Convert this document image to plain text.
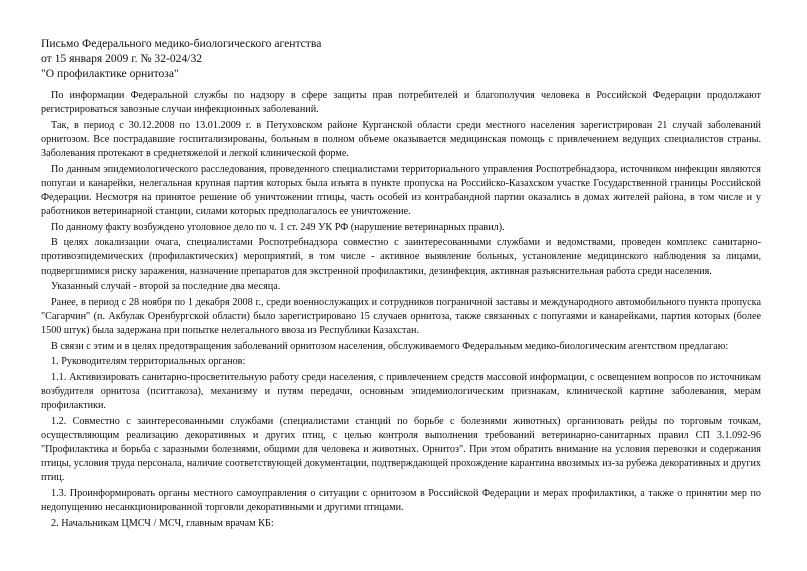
Письмо Федерального медико-биологического агентства
от 15 января 2009 г. № 32-024/32
"О профилактике орнитоза"

По информации Федеральной службы по надзору в сфере защиты прав потребителей и благополучия человека в Российской Федерации продолжают регистрироваться завозные случаи инфекционных заболеваний.

Так, в период с 30.12.2008 по 13.01.2009 г. в Петуховском районе Курганской области среди местного населения зарегистрирован 21 случай заболеваний орнитозом. Все пострадавшие госпитализированы, больным в полном объеме оказывается медицинская помощь с привлечением ведущих специалистов страны. Заболевания протекают в среднетяжелой и легкой клинической форме.

По данным эпидемиологического расследования, проведенного специалистами территориального управления Роспотребнадзора, источником инфекции являются попугаи и канарейки, нелегальная крупная партия которых была изъята в пункте пропуска на Российско-Казахском участке Государственной границы Российской Федерации. Несмотря на принятое решение об уничтожении птицы, часть особей из контрабандной партии оказались в домах жителей района, в том числе и у работников ветеринарной станции, силами которых предполагалось ее уничтожение.

По данному факту возбуждено уголовное дело по ч. 1 ст. 249 УК РФ (нарушение ветеринарных правил).

В целях локализации очага, специалистами Роспотребнадзора совместно с заинтересованными службами и ведомствами, проведен комплекс санитарно-противоэпидемических (профилактических) мероприятий, в том числе - активное выявление больных, установление медицинского наблюдения за лицами, подвергшимися риску заражения, назначение препаратов для экстренной профилактики, дезинфекция, активная разъяснительная работа среди населения.

Указанный случай - второй за последние два месяца.

Ранее, в период с 28 ноября по 1 декабря 2008 г., среди военнослужащих и сотрудников пограничной заставы и международного автомобильного пункта пропуска "Сагарчин" (п. Акбулак Оренбургской области) было зарегистрировано 15 случаев орнитоза, также связанных с попугаями и канарейками, партия которых (более 1500 штук) была задержана при попытке нелегального ввоза из Республики Казахстан.

В связи с этим и в целях предотвращения заболеваний орнитозом населения, обслуживаемого Федеральным медико-биологическим агентством предлагаю:

1. Руководителям территориальных органов:

1.1. Активизировать санитарно-просветительную работу среди населения, с привлечением средств массовой информации, с освещением вопросов по источникам возбудителя орнитоза (пситтакоза), механизму и путям передачи, основным эпидемиологическим признакам, клинической картине заболевания, мерам профилактики.

1.2. Совместно с заинтересованными службами (специалистами станций по борьбе с болезнями животных) организовать рейды по торговым точкам, осуществляющим реализацию декоративных и других птиц, с целью контроля выполнения требований ветеринарно-санитарных правил СП 3.1.092-96 "Профилактика и борьба с заразными болезнями, общими для человека и животных. Орнитоз". При этом обратить внимание на условия перевозки и содержания птицы, условия труда персонала, наличие соответствующей документации, подтверждающей прохождение карантина ввозимых из-за рубежа декоративных и других птиц.

1.3. Проинформировать органы местного самоуправления о ситуации с орнитозом в Российской Федерации и мерах профилактики, а также о принятии мер по недопущению несанкционированной торговли декоративными и другими птицами.

2. Начальникам ЦМСЧ / МСЧ, главным врачам КБ:
